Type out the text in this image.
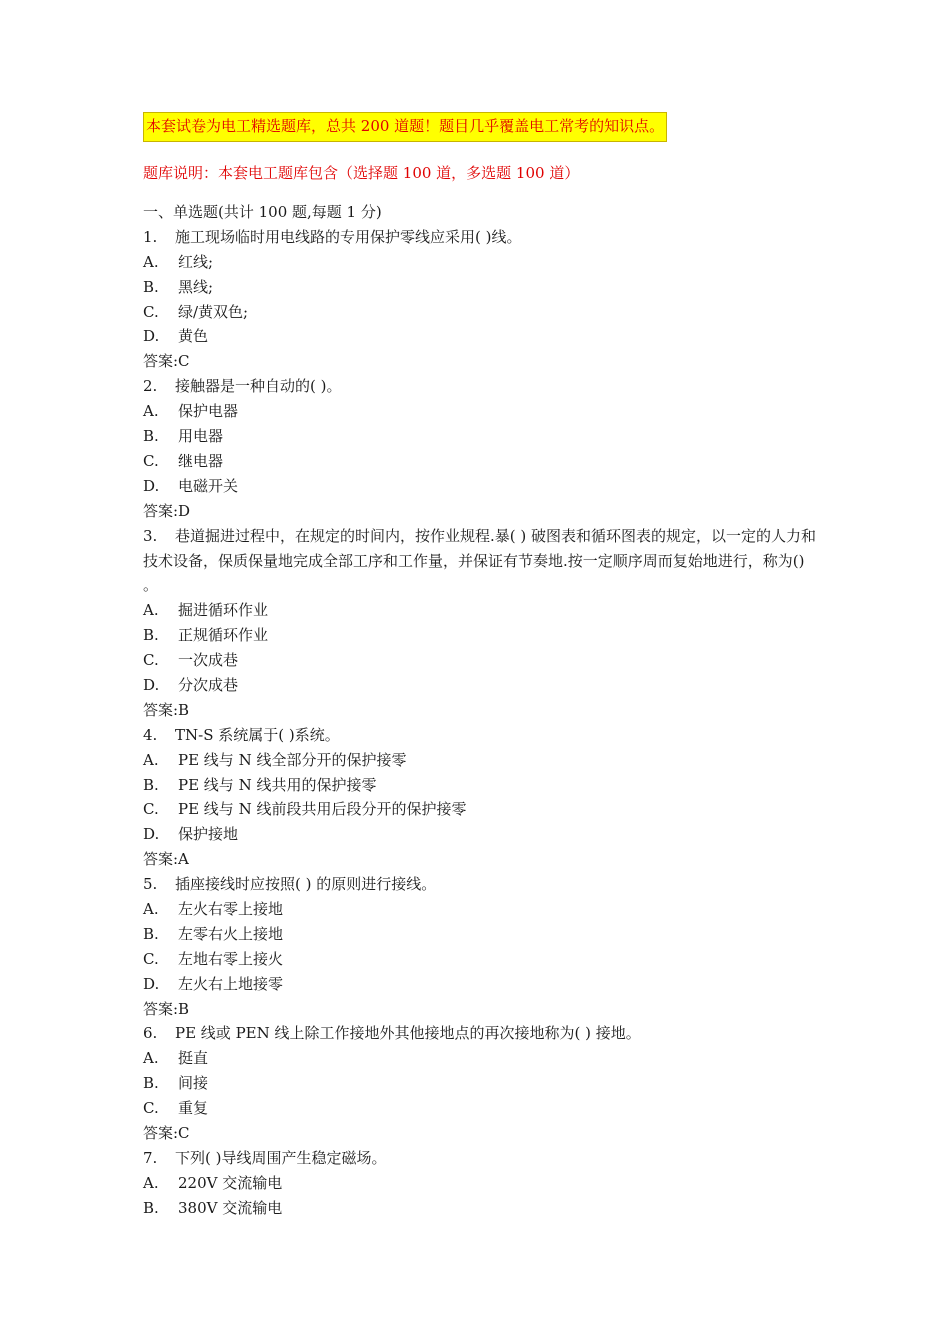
本套试卷为电工精选题库，总共 200 道题！题目几乎覆盖电工常考的知识点。
题库说明：本套电工题库包含（选择题 100 道，多选题 100 道）
一、单选题(共计 100 题,每题 1 分)
1. 施工现场临时用电线路的专用保护零线应采用( )线。
A. 红线;
B. 黑线;
C. 绿/黄双色;
D. 黄色
答案:C
2. 接触器是一种自动的( )。
A. 保护电器
B. 用电器
C. 继电器
D. 电磁开关
答案:D
3. 巷道掘进过程中，在规定的时间内，按作业规程.暴( ) 破图表和循环图表的规定，以一定的人力和技术设备，保质保量地完成全部工序和工作量，并保证有节奏地.按一定顺序周而复始地进行，称为() 。
A. 掘进循环作业
B. 正规循环作业
C. 一次成巷
D. 分次成巷
答案:B
4. TN-S 系统属于( )系统。
A. PE 线与 N 线全部分开的保护接零
B. PE 线与 N 线共用的保护接零
C. PE 线与 N 线前段共用后段分开的保护接零
D. 保护接地
答案:A
5. 插座接线时应按照( ) 的原则进行接线。
A. 左火右零上接地
B. 左零右火上接地
C. 左地右零上接火
D. 左火右上地接零
答案:B
6. PE 线或 PEN 线上除工作接地外其他接地点的再次接地称为( ) 接地。
A. 挺直
B. 间接
C. 重复
答案:C
7. 下列( )导线周围产生稳定磁场。
A. 220V 交流输电
B. 380V 交流输电
